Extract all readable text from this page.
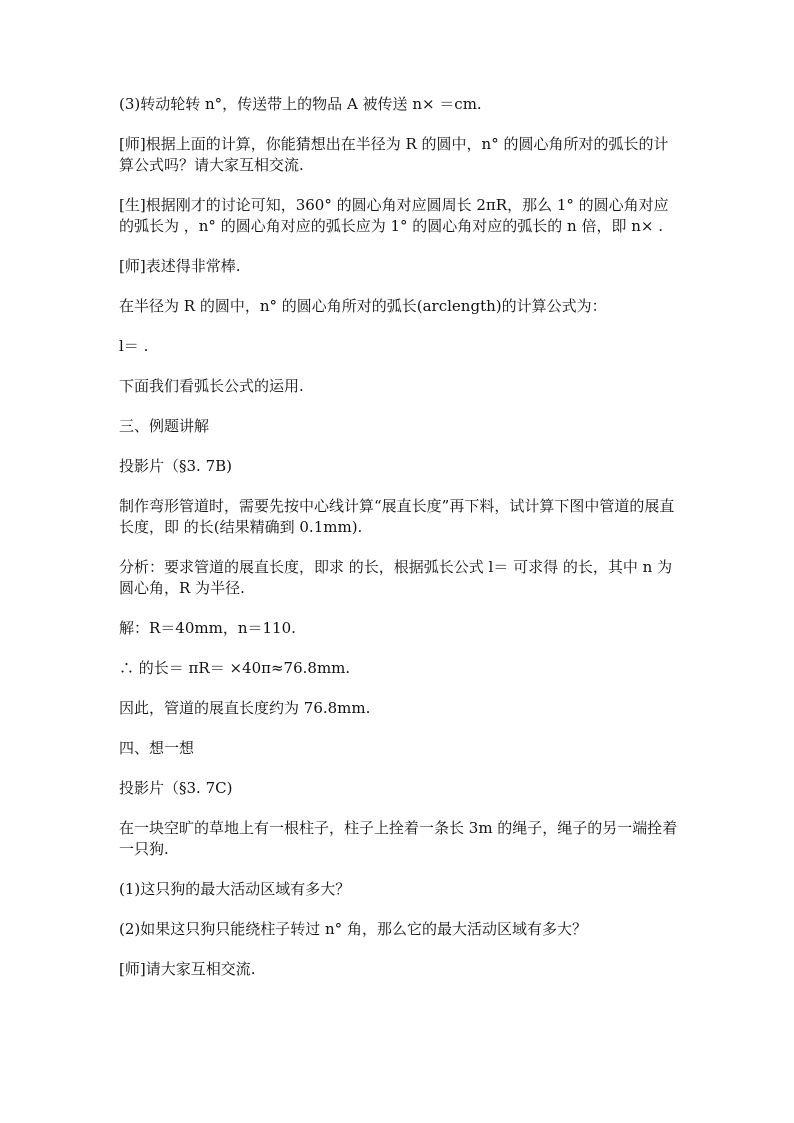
(3)转动轮转 n°，传送带上的物品 A 被传送 n× ＝cm.

[师]根据上面的计算，你能猜想出在半径为 R 的圆中，n° 的圆心角所对的弧长的计算公式吗？请大家互相交流.

[生]根据刚才的讨论可知，360° 的圆心角对应圆周长 2πR，那么 1° 的圆心角对应的弧长为 ，n° 的圆心角对应的弧长应为 1° 的圆心角对应的弧长的 n 倍，即 n× .

[师]表述得非常棒.

在半径为 R 的圆中，n° 的圆心角所对的弧长(arclength)的计算公式为：

l＝ .

下面我们看弧长公式的运用.

三、例题讲解

投影片（§3. 7B)

制作弯形管道时，需要先按中心线计算“展直长度”再下料，试计算下图中管道的展直长度，即 的长(结果精确到 0.1mm).

分析：要求管道的展直长度，即求 的长，根据弧长公式 l＝ 可求得 的长，其中 n 为圆心角，R 为半径.

解：R＝40mm，n＝110.

∴ 的长＝ πR＝ ×40π≈76.8mm.

因此，管道的展直长度约为 76.8mm.

四、想一想

投影片（§3. 7C)

在一块空旷的草地上有一根柱子，柱子上拴着一条长 3m 的绳子，绳子的另一端拴着一只狗.

(1)这只狗的最大活动区域有多大？

(2)如果这只狗只能绕柱子转过 n° 角，那么它的最大活动区域有多大？

[师]请大家互相交流.
